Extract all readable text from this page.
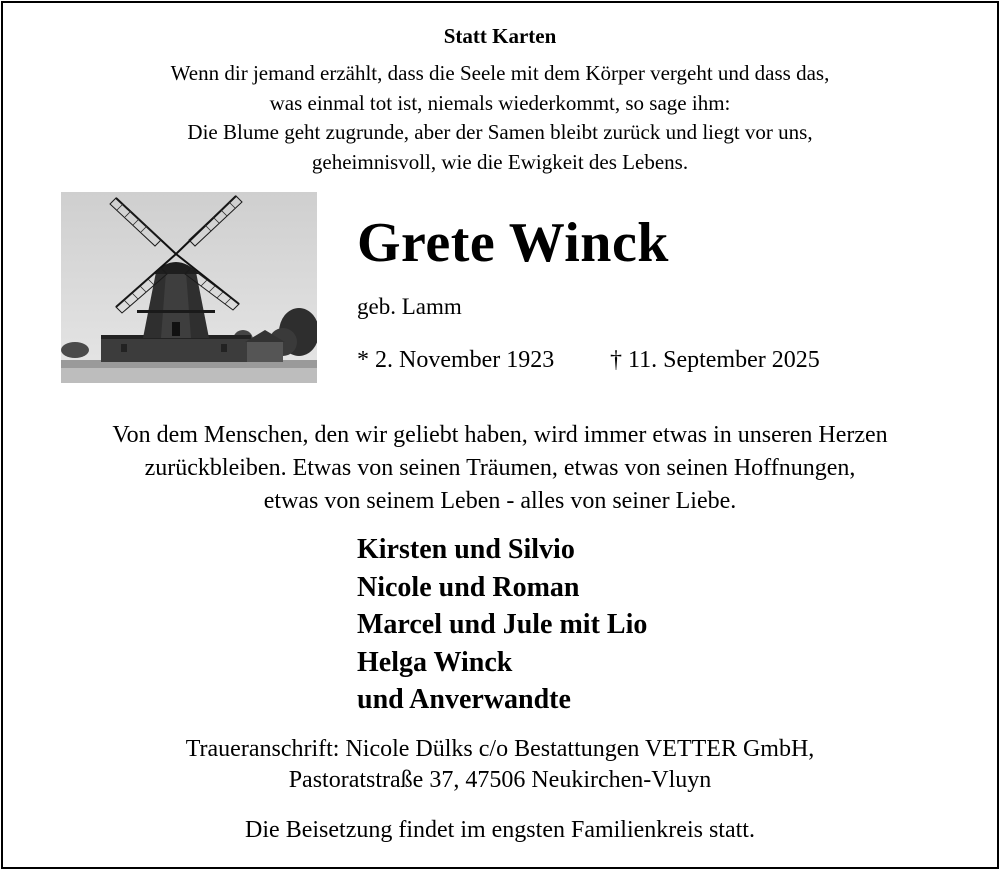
Statt Karten
Wenn dir jemand erzählt, dass die Seele mit dem Körper vergeht und dass das,
was einmal tot ist, niemals wiederkommt, so sage ihm:
Die Blume geht zugrunde, aber der Samen bleibt zurück und liegt vor uns,
geheimnisvoll, wie die Ewigkeit des Lebens.
Grete Winck
geb. Lamm
* 2. November 1923 † 11. September 2025
Von dem Menschen, den wir geliebt haben, wird immer etwas in unseren Herzen
zurückbleiben. Etwas von seinen Träumen, etwas von seinen Hoffnungen,
etwas von seinem Leben - alles von seiner Liebe.
Kirsten und Silvio
Nicole und Roman
Marcel und Jule mit Lio
Helga Winck
und Anverwandte
Traueranschrift: Nicole Dülks c/o Bestattungen VETTER GmbH,
Pastoratstraße 37, 47506 Neukirchen-Vluyn
Die Beisetzung findet im engsten Familienkreis statt.
